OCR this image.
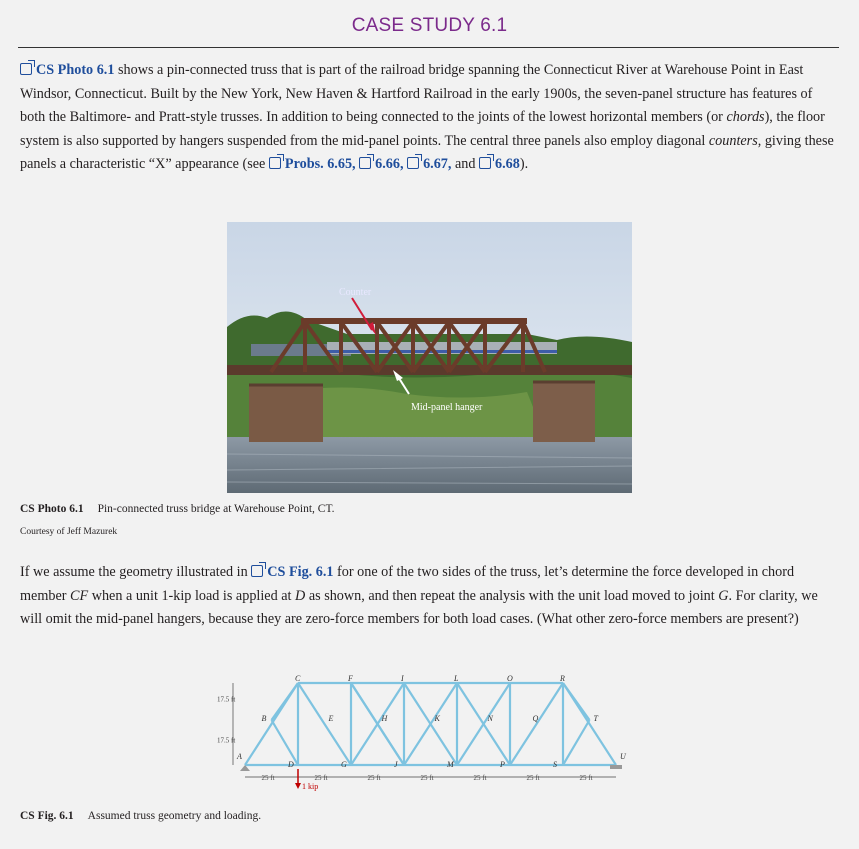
CASE STUDY 6.1
CS Photo 6.1 shows a pin-connected truss that is part of the railroad bridge spanning the Connecticut River at Warehouse Point in East Windsor, Connecticut. Built by the New York, New Haven & Hartford Railroad in the early 1900s, the seven-panel structure has features of both the Baltimore- and Pratt-style trusses. In addition to being connected to the joints of the lowest horizontal members (or chords), the floor system is also supported by hangers suspended from the mid-panel points. The central three panels also employ diagonal counters, giving these panels a characteristic “X” appearance (see Probs. 6.65, 6.66, 6.67, and 6.68).
Counter
Mid-panel hanger
CS Photo 6.1 Pin-connected truss bridge at Warehouse Point, CT.
Courtesy of Jeff Mazurek
If we assume the geometry illustrated in CS Fig. 6.1 for one of the two sides of the truss, let’s determine the force developed in chord member CF when a unit 1-kip load is applied at D as shown, and then repeat the analysis with the unit load moved to joint G. For clarity, we will omit the mid-panel hangers, because they are zero-force members for both load cases. (What other zero-force members are present?)
C	F	I	L	O	R
B	E	H	K	N	Q	T
A
D	G	J	M	P	S
U
25 ft	25 ft	25 ft	25 ft	25 ft	25 ft	25 ft
17.5 ft
17.5 ft
1 kip
CS Fig. 6.1 Assumed truss geometry and loading.
